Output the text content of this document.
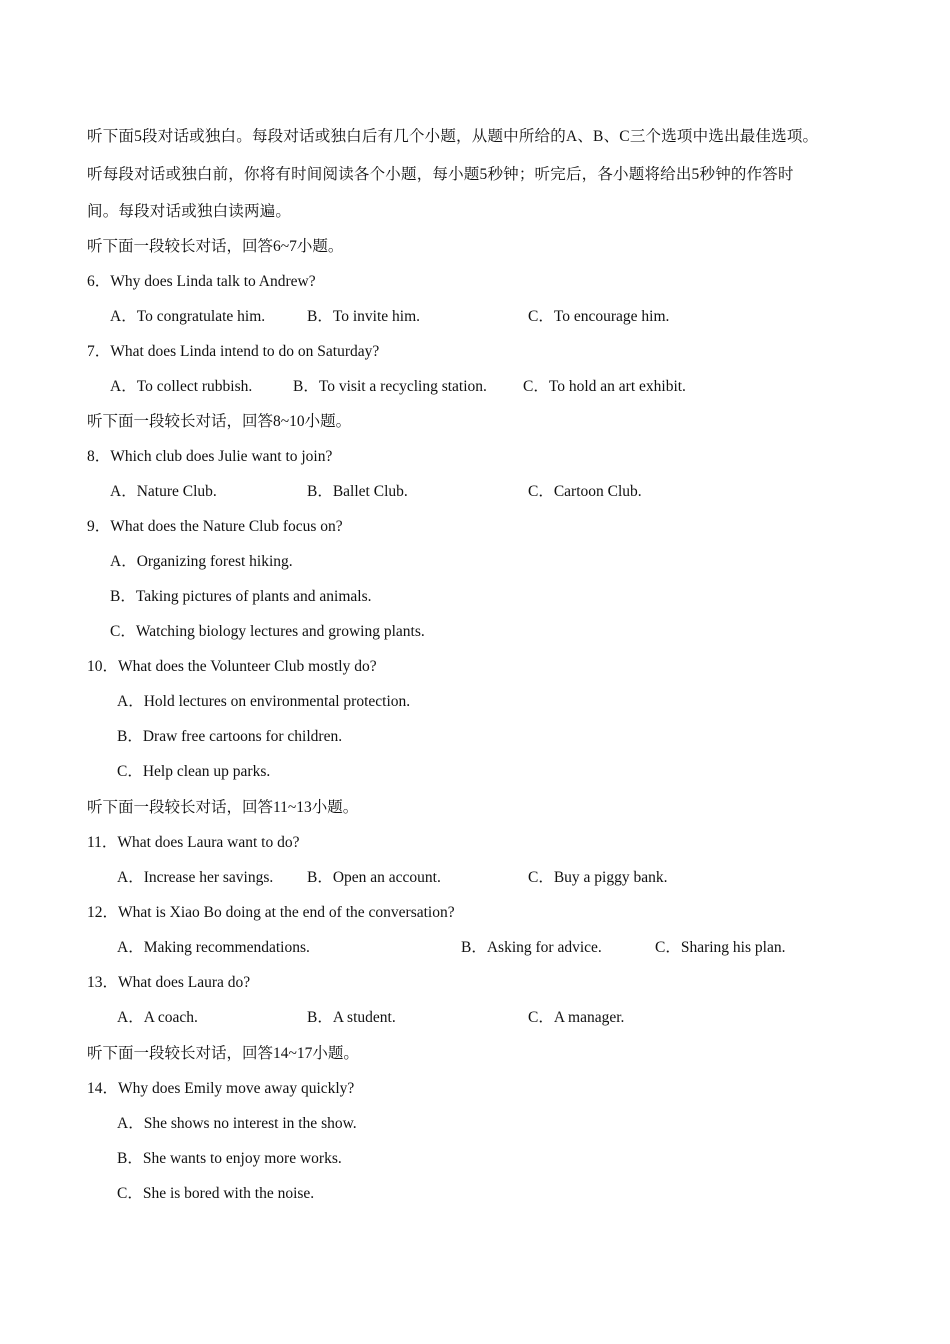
听下面5段对话或独白。每段对话或独白后有几个小题，从题中所给的A、B、C三个选项中选出最佳选项。
听每段对话或独白前，你将有时间阅读各个小题，每小题5秒钟；听完后，各小题将给出5秒钟的作答时
间。每段对话或独白读两遍。
听下面一段较长对话，回答6~7小题。
6．Why does Linda talk to Andrew?
A．To congratulate him.	B．To invite him.	C．To encourage him.
7．What does Linda intend to do on Saturday?
A．To collect rubbish.	B．To visit a recycling station. C．To hold an art exhibit.
听下面一段较长对话，回答8~10小题。
8．Which club does Julie want to join?
A．Nature Club.	B．Ballet Club.	C．Cartoon Club.
9．What does the Nature Club focus on?
A．Organizing forest hiking.
B．Taking pictures of plants and animals.
C．Watching biology lectures and growing plants.
10．What does the Volunteer Club mostly do?
A．Hold lectures on environmental protection.
B．Draw free cartoons for children.
C．Help clean up parks.
听下面一段较长对话，回答11~13小题。
11．What does Laura want to do?
A．Increase her savings. B．Open an account.	C．Buy a piggy bank.
12．What is Xiao Bo doing at the end of the conversation?
A．Making recommendations.	B．Asking for advice.	C．Sharing his plan.
13．What does Laura do?
A．A coach.	B．A student.	C．A manager.
听下面一段较长对话，回答14~17小题。
14．Why does Emily move away quickly?
A．She shows no interest in the show.
B．She wants to enjoy more works.
C．She is bored with the noise.
